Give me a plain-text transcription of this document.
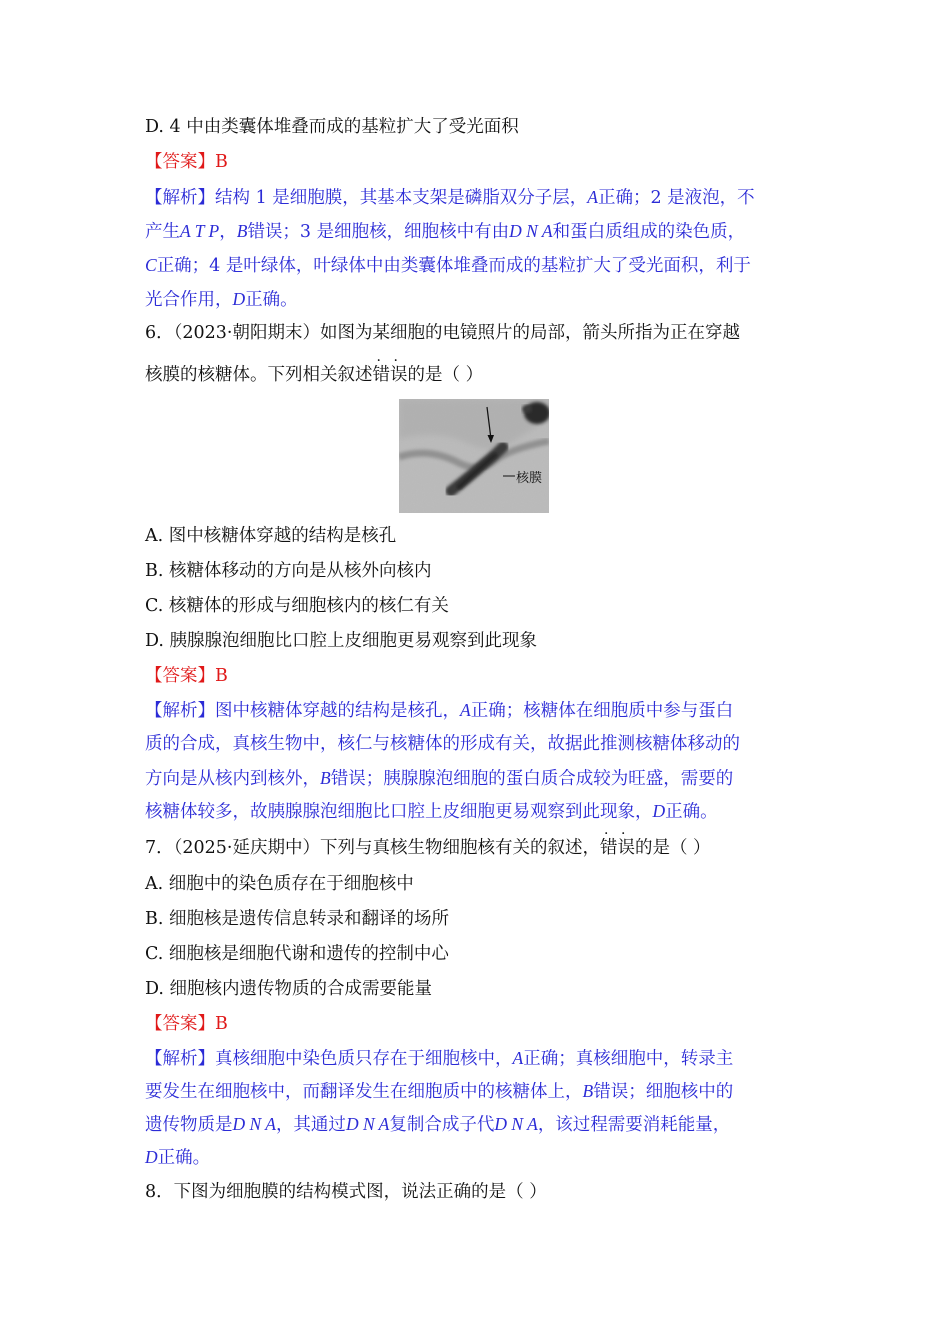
D. 4 中由类囊体堆叠而成的基粒扩大了受光面积
【答案】B
【解析】结构 1 是细胞膜，其基本支架是磷脂双分子层，A正确；2 是液泡，不
产生A T P，B错误；3 是细胞核，细胞核中有由D N A和蛋白质组成的染色质，
C正确；4 是叶绿体，叶绿体中由类囊体堆叠而成的基粒扩大了受光面积，利于
光合作用，D正确。
6．（2023·朝阳期末）如图为某细胞的电镜照片的局部，箭头所指为正在穿越
核膜的核糖体。下列相关叙述错误
· ·
的是（ ）
核膜
A. 图中核糖体穿越的结构是核孔
B. 核糖体移动的方向是从核外向核内
C. 核糖体的形成与细胞核内的核仁有关
D. 胰腺腺泡细胞比口腔上皮细胞更易观察到此现象
【答案】B
【解析】图中核糖体穿越的结构是核孔，A正确；核糖体在细胞质中参与蛋白
质的合成，真核生物中，核仁与核糖体的形成有关，故据此推测核糖体移动的
方向是从核内到核外，B错误；胰腺腺泡细胞的蛋白质合成较为旺盛，需要的
核糖体较多，故胰腺腺泡细胞比口腔上皮细胞更易观察到此现象，D正确。
7．（2025·延庆期中）下列与真核生物细胞核有关的叙述，错误
· ·
的是（ ）
A. 细胞中的染色质存在于细胞核中
B. 细胞核是遗传信息转录和翻译的场所
C. 细胞核是细胞代谢和遗传的控制中心
D. 细胞核内遗传物质的合成需要能量
【答案】B
【解析】真核细胞中染色质只存在于细胞核中，A正确；真核细胞中，转录主
要发生在细胞核中，而翻译发生在细胞质中的核糖体上，B错误；细胞核中的
遗传物质是D N A，其通过D N A复制合成子代D N A，该过程需要消耗能量，
D正确。
8．下图为细胞膜的结构模式图，说法正确的是（ ）
